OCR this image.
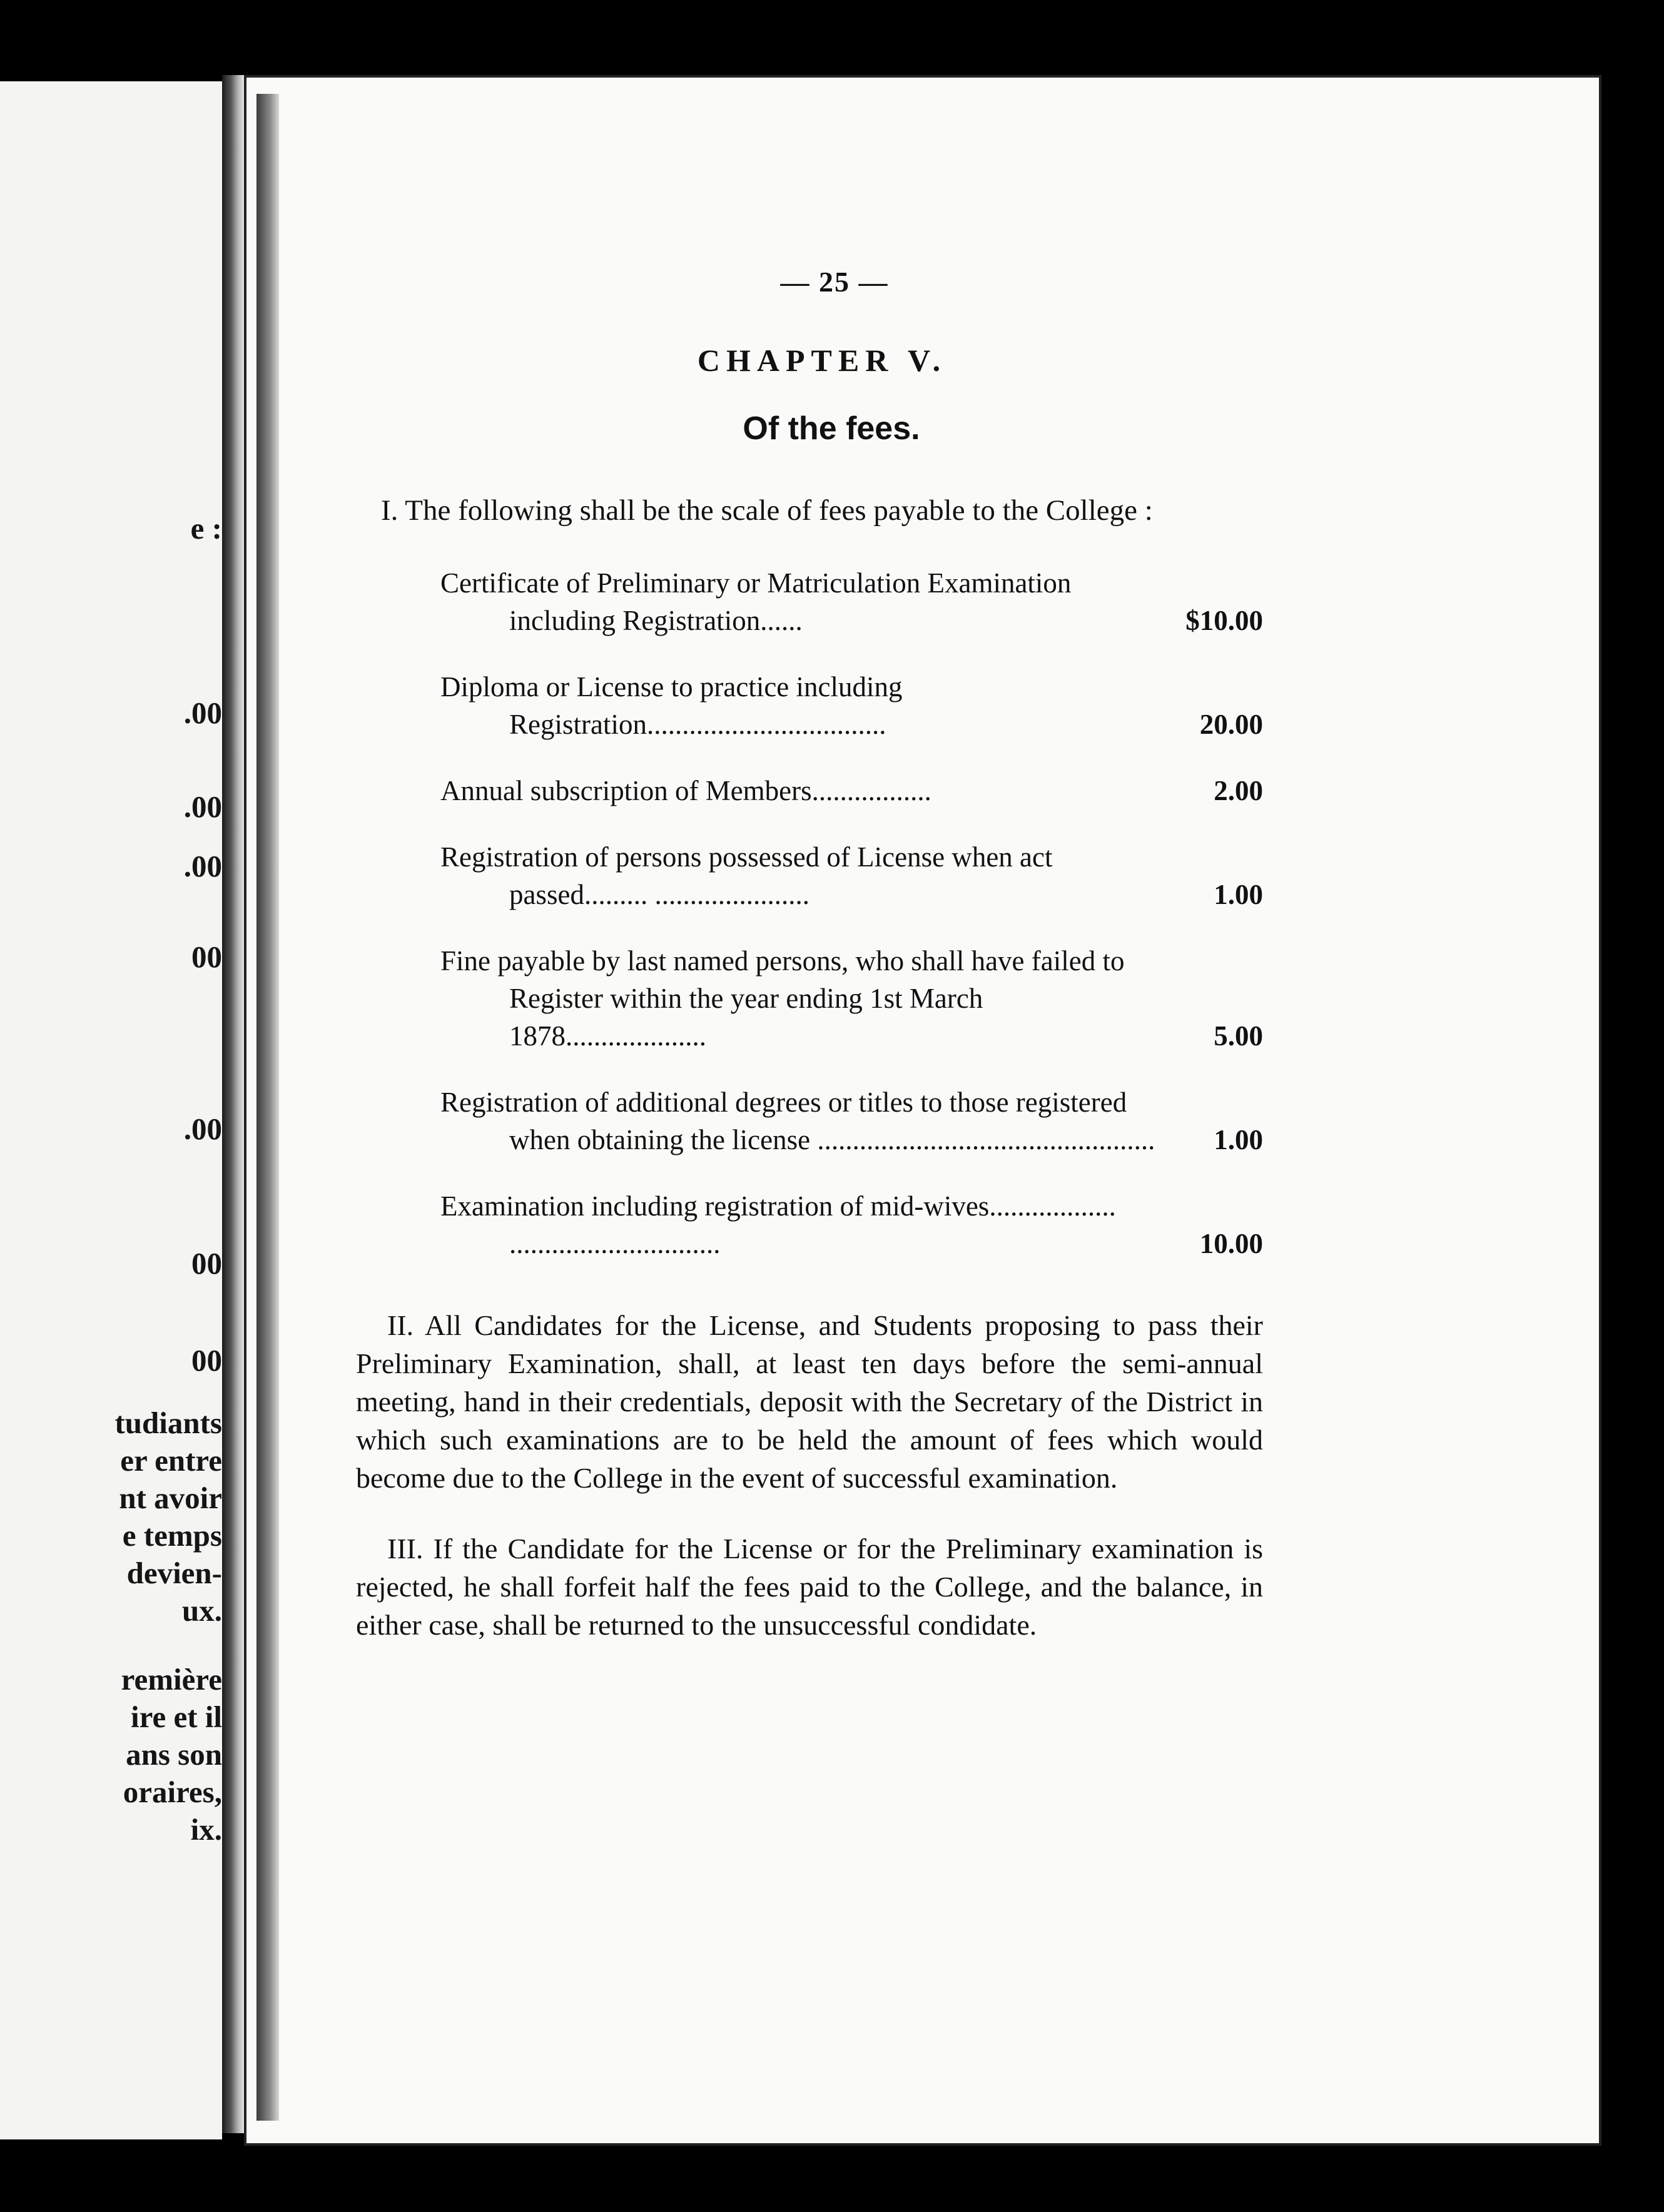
e :
.00
.00
.00
00
.00
00
00
tudiants
er entre
nt avoir
e temps
devien-
ux.
remière
ire et il
ans son
oraires,
ix.
— 25 —
CHAPTER V.
Of the fees.

I. The following shall be the scale of fees payable to the College :

Certificate of Preliminary or Matriculation Examination including Registration......	$10.00
Diploma or License to practice including Registration..................................	20.00
Annual subscription of Members.................	2.00
Registration of persons possessed of License when act passed......... ......................	1.00
Fine payable by last named persons, who shall have failed to Register within the year ending 1st March 1878....................	5.00
Registration of additional degrees or titles to those registered when obtaining the license ................................................	1.00
Examination including registration of mid-wives.................. ..............................	10.00

II. All Candidates for the License, and Students proposing to pass their Preliminary Examination, shall, at least ten days before the semi-annual meeting, hand in their credentials, deposit with the Secretary of the District in which such examinations are to be held the amount of fees which would become due to the College in the event of successful examination.

III. If the Candidate for the License or for the Preliminary examination is rejected, he shall forfeit half the fees paid to the College, and the balance, in either case, shall be returned to the unsuccessful condidate.
